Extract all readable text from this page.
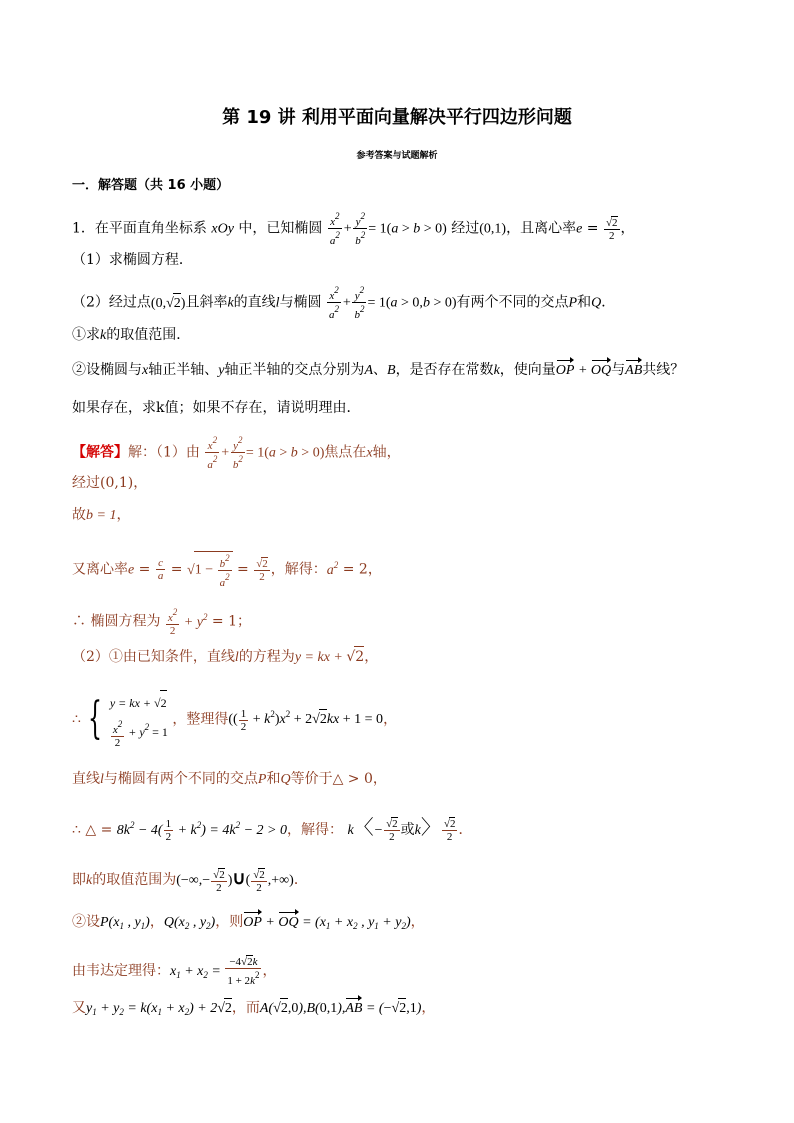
第 19 讲 利用平面向量解决平行四边形问题
参考答案与试题解析
一．解答题（共 16 小题）
1．在平面直角坐标系 xOy 中，已知椭圆 $\frac{x^2}{a^2} + \frac{y^2}{b^2} = 1(a > b > 0)$ 经过(0,1)，且离心率$e = \frac{√2}{2}$ ，
（1）求椭圆方程．
（2）经过点(0,√2)且斜率k的直线l与椭圆 $\frac{x^2}{a^2} + \frac{y^2}{b^2} = 1(a > 0,b > 0)$有两个不同的交点P和Q．
①求k的取值范围．
②设椭圆与x轴正半轴、y轴正半轴的交点分别为A、B，是否存在常数k，使向量OP + OQ与AB共线？
如果存在，求k值；如果不存在，请说明理由．
【解答】解：（1）由 $\frac{x^2}{a^2} + \frac{y^2}{b^2} = 1(a > b > 0)$焦点在x轴，
经过(0,1)，
故b = 1，
又离心率$e = \frac{c}{a} = √1 - \frac{b^2}{a^2} = \frac{√2}{2}$ ，解得：$a^2 = 2$，
∴ 椭圆方程为 $\frac{x^2}{2} + y^2 = 1$；
（2）①由已知条件，直线l的方程为y = kx + √2，
∴ { y = kx + √2
$\frac{x^2}{2} + y^2 = 1$
，整理得(( $\frac{1}{2} + k^2)x^2 + 2√2kx + 1 = 0$，
直线l与椭圆有两个不同的交点P和Q等价于△ > 0，
∴ △ = $8k^2 - 4( \frac{1}{2} + k^2) = 4k^2 - 2 > 0$，解得： k〈− $\frac{√2}{2}$ 或k〉 $\frac{√2}{2}$ ．
即k的取值范围为(−∞,− $\frac{√2}{2}$ )∪( $\frac{√2}{2}$ ,+∞)．
②设$P(x_1$ , $y_1$)，$Q(x_2$ , $y_2$)，则OP + OQ = ($x_1 + x_2$ , $y_1 + y_2$)，
由韦达定理得：$x_1 + x_2 = \frac{-4√2k}{1 + 2k^2}$ ，
又$y_1 + y_2 = k(x_1 + x_2) + 2√2$，而A(√2,0),B(0,1),AB = (−√2,1)，
